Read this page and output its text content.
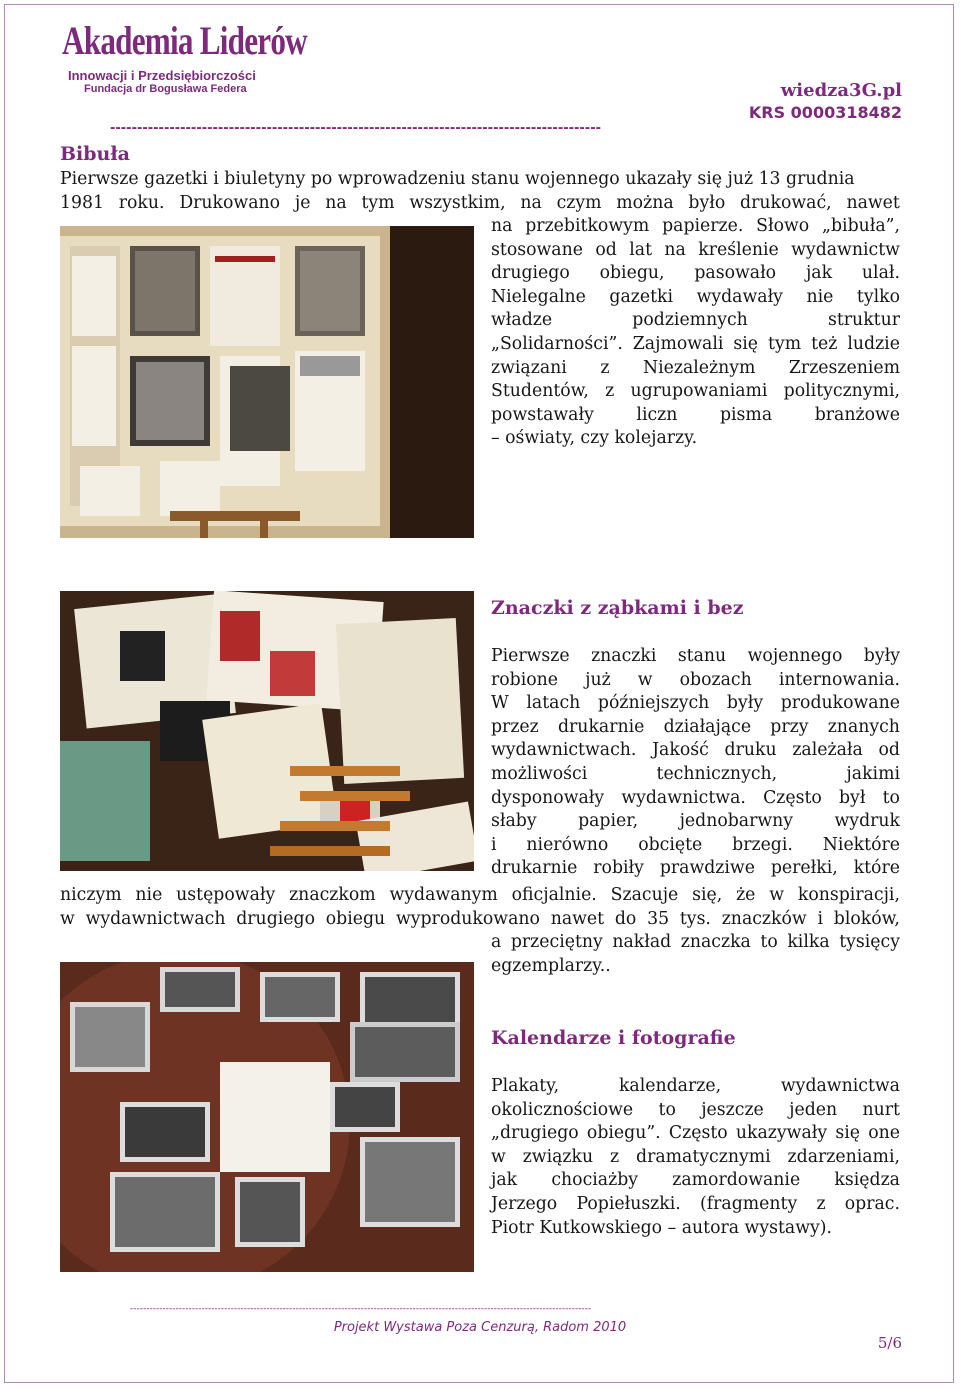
Akademia Liderów
Innowacji i Przedsiębiorczości
Fundacja dr Bogusława Federa	wiedza3G.pl
KRS 0000318482
-------------------------------------------------------------------------------------------
Bibuła
Pierwsze gazetki i biuletyny po wprowadzeniu stanu wojennego ukazały się już 13 grudnia
1981 roku. Drukowano je na tym wszystkim, na czym można było drukować, nawet
na przebitkowym papierze. Słowo „bibuła”,
stosowane od lat na kreślenie wydawnictw
drugiego obiegu, pasowało jak ulał.
Nielegalne gazetki wydawały nie tylko
władze	podziemnych	struktur
„Solidarności”. Zajmowali się tym też ludzie
związani z Niezależnym Zrzeszeniem
Studentów, z ugrupowaniami politycznymi,
powstawały liczn pisma branżowe
– oświaty, czy kolejarzy.
Znaczki z ząbkami i bez
Pierwsze znaczki stanu wojennego były
robione już w obozach internowania.
W latach późniejszych były produkowane
przez drukarnie działające przy znanych
wydawnictwach. Jakość druku zależała od
możliwości	technicznych,	jakimi
dysponowały wydawnictwa. Często był to
słaby papier, jednobarwny wydruk
i nierówno obcięte brzegi. Niektóre
drukarnie robiły prawdziwe perełki, które
niczym nie ustępowały znaczkom wydawanym oficjalnie. Szacuje się, że w konspiracji,
w wydawnictwach drugiego obiegu wyprodukowano nawet do 35 tys. znaczków i bloków,
a przeciętny nakład znaczka to kilka tysięcy
egzemplarzy..
Kalendarze i fotografie
Plakaty,	kalendarze,	wydawnictwa
okolicznościowe to jeszcze jeden nurt
„drugiego obiegu”. Często ukazywały się one
w związku z dramatycznymi zdarzeniami,
jak chociażby zamordowanie księdza
Jerzego Popiełuszki. (fragmenty z oprac.
Piotr Kutkowskiego – autora wystawy).
----------------------------------------------------------------------------------------------------------------------------------------------
Projekt Wystawa Poza Cenzurą, Radom 2010
5/6
